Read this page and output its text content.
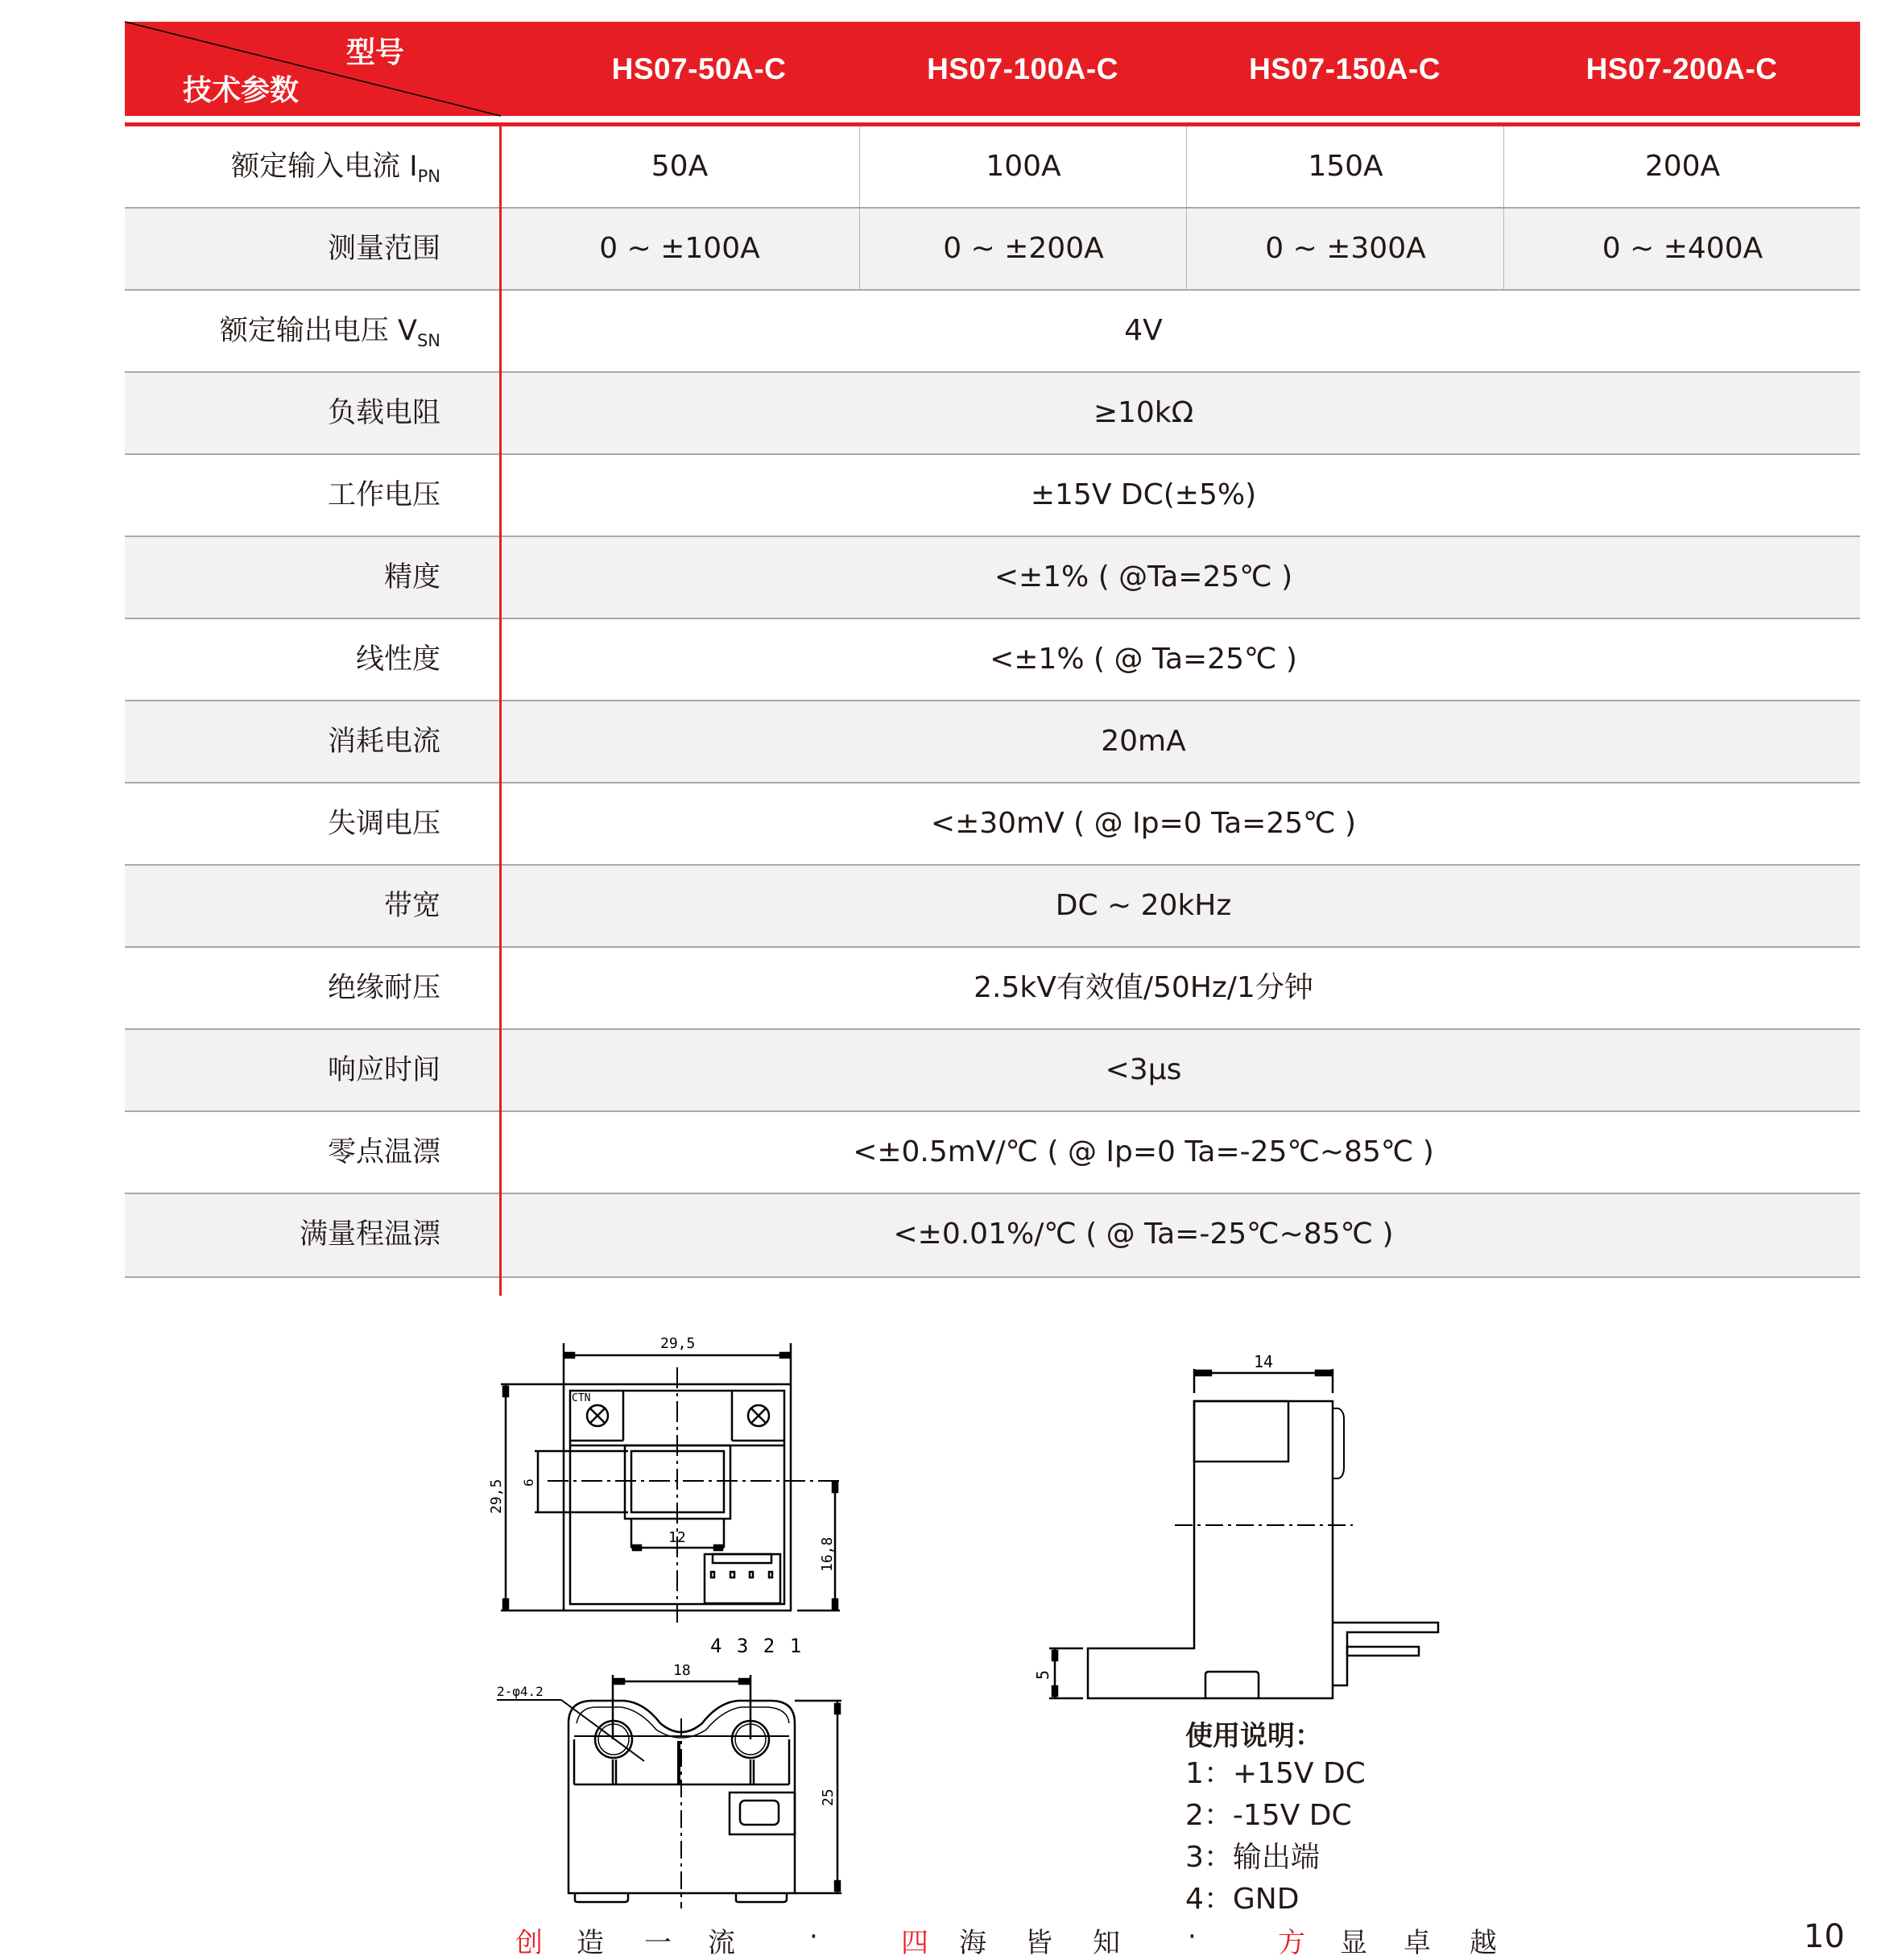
型号
技术参数
HS07-50A-C	HS07-100A-C	HS07-150A-C	HS07-200A-C
额定输入电流 $I_{PN}$	50A	100A	150A	200A
测量范围	0 ~ ±100A	0 ~ ±200A	0 ~ ±300A	0 ~ ±400A
额定输出电压 $V_{SN}$	4V
负载电阻	≥10kΩ
工作电压	±15V DC(±5%)
精度	<±1% ( @Ta=25℃ )
线性度	<±1% ( @ Ta=25℃ )
消耗电流	20mA
失调电压	<±30mV ( @ Ip=0 Ta=25℃ )
带宽	DC ~ 20kHz
绝缘耐压	2.5kV有效值/50Hz/1分钟
响应时间	<3μs
零点温漂	<±0.5mV/℃ ( @ Ip=0 Ta=-25℃~85℃ )
满量程温漂	<±0.01%/℃ ( @ Ta=-25℃~85℃ )
29,5
29,5 6
12	16,8
4 3 2 1
CTN
18
2-φ4.2
25
14
5
使用说明：
1：+15V DC
2：-15V DC
3：输出端
4：GND
创 造 一 流	·	四 海 皆 知 ·	方 显 卓 越	10
